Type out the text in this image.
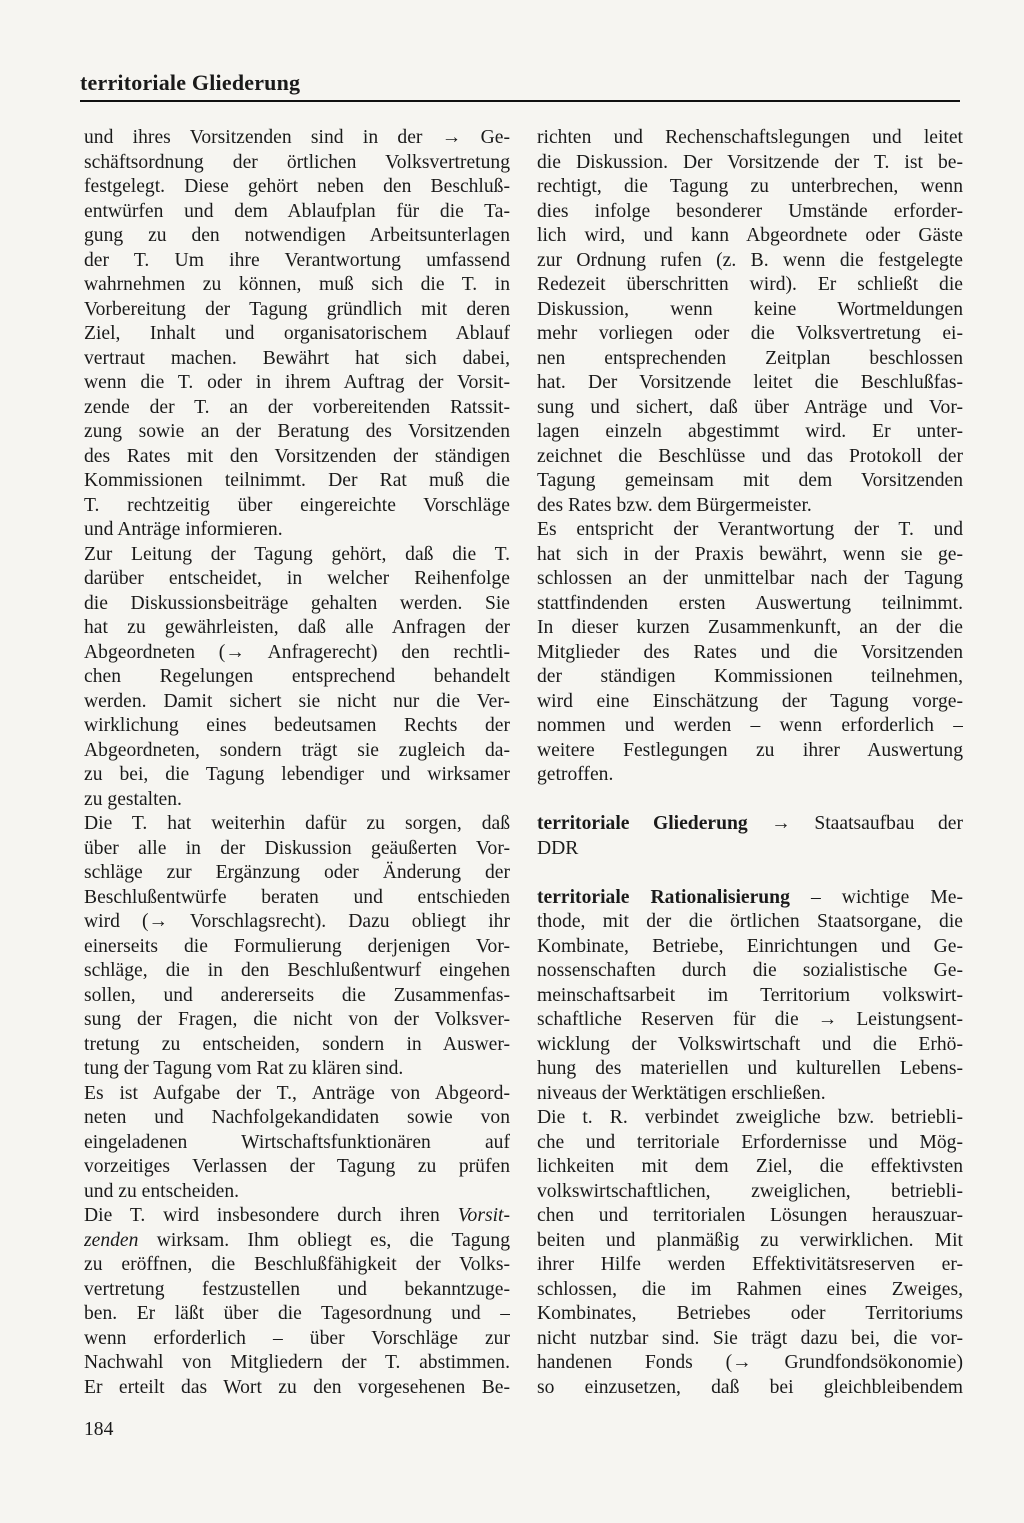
territoriale Gliederung
und ihres Vorsitzenden sind in der → Ge-
schäftsordnung der örtlichen Volksvertretung
festgelegt. Diese gehört neben den Beschluß-
entwürfen und dem Ablaufplan für die Ta-
gung zu den notwendigen Arbeitsunterlagen
der T. Um ihre Verantwortung umfassend
wahrnehmen zu können, muß sich die T. in
Vorbereitung der Tagung gründlich mit deren
Ziel, Inhalt und organisatorischem Ablauf
vertraut machen. Bewährt hat sich dabei,
wenn die T. oder in ihrem Auftrag der Vorsit-
zende der T. an der vorbereitenden Ratssit-
zung sowie an der Beratung des Vorsitzenden
des Rates mit den Vorsitzenden der ständigen
Kommissionen teilnimmt. Der Rat muß die
T. rechtzeitig über eingereichte Vorschläge
und Anträge informieren.
Zur Leitung der Tagung gehört, daß die T.
darüber entscheidet, in welcher Reihenfolge
die Diskussionsbeiträge gehalten werden. Sie
hat zu gewährleisten, daß alle Anfragen der
Abgeordneten (→ Anfragerecht) den rechtli-
chen Regelungen entsprechend behandelt
werden. Damit sichert sie nicht nur die Ver-
wirklichung eines bedeutsamen Rechts der
Abgeordneten, sondern trägt sie zugleich da-
zu bei, die Tagung lebendiger und wirksamer
zu gestalten.
Die T. hat weiterhin dafür zu sorgen, daß
über alle in der Diskussion geäußerten Vor-
schläge zur Ergänzung oder Änderung der
Beschlußentwürfe beraten und entschieden
wird (→ Vorschlagsrecht). Dazu obliegt ihr
einerseits die Formulierung derjenigen Vor-
schläge, die in den Beschlußentwurf eingehen
sollen, und andererseits die Zusammenfas-
sung der Fragen, die nicht von der Volksver-
tretung zu entscheiden, sondern in Auswer-
tung der Tagung vom Rat zu klären sind.
Es ist Aufgabe der T., Anträge von Abgeord-
neten und Nachfolgekandidaten sowie von
eingeladenen Wirtschaftsfunktionären auf
vorzeitiges Verlassen der Tagung zu prüfen
und zu entscheiden.
Die T. wird insbesondere durch ihren Vorsit-
zenden wirksam. Ihm obliegt es, die Tagung
zu eröffnen, die Beschlußfähigkeit der Volks-
vertretung festzustellen und bekanntzuge-
ben. Er läßt über die Tagesordnung und –
wenn erforderlich – über Vorschläge zur
Nachwahl von Mitgliedern der T. abstimmen.
Er erteilt das Wort zu den vorgesehenen Be-
richten und Rechenschaftslegungen und leitet
die Diskussion. Der Vorsitzende der T. ist be-
rechtigt, die Tagung zu unterbrechen, wenn
dies infolge besonderer Umstände erforder-
lich wird, und kann Abgeordnete oder Gäste
zur Ordnung rufen (z. B. wenn die festgelegte
Redezeit überschritten wird). Er schließt die
Diskussion, wenn keine Wortmeldungen
mehr vorliegen oder die Volksvertretung ei-
nen entsprechenden Zeitplan beschlossen
hat. Der Vorsitzende leitet die Beschlußfas-
sung und sichert, daß über Anträge und Vor-
lagen einzeln abgestimmt wird. Er unter-
zeichnet die Beschlüsse und das Protokoll der
Tagung gemeinsam mit dem Vorsitzenden
des Rates bzw. dem Bürgermeister.
Es entspricht der Verantwortung der T. und
hat sich in der Praxis bewährt, wenn sie ge-
schlossen an der unmittelbar nach der Tagung
stattfindenden ersten Auswertung teilnimmt.
In dieser kurzen Zusammenkunft, an der die
Mitglieder des Rates und die Vorsitzenden
der ständigen Kommissionen teilnehmen,
wird eine Einschätzung der Tagung vorge-
nommen und werden – wenn erforderlich –
weitere Festlegungen zu ihrer Auswertung
getroffen.
territoriale Gliederung → Staatsaufbau der
DDR
territoriale Rationalisierung – wichtige Me-
thode, mit der die örtlichen Staatsorgane, die
Kombinate, Betriebe, Einrichtungen und Ge-
nossenschaften durch die sozialistische Ge-
meinschaftsarbeit im Territorium volkswirt-
schaftliche Reserven für die → Leistungsent-
wicklung der Volkswirtschaft und die Erhö-
hung des materiellen und kulturellen Lebens-
niveaus der Werktätigen erschließen.
Die t. R. verbindet zweigliche bzw. betriebli-
che und territoriale Erfordernisse und Mög-
lichkeiten mit dem Ziel, die effektivsten
volkswirtschaftlichen, zweiglichen, betriebli-
chen und territorialen Lösungen herauszuar-
beiten und planmäßig zu verwirklichen. Mit
ihrer Hilfe werden Effektivitätsreserven er-
schlossen, die im Rahmen eines Zweiges,
Kombinates, Betriebes oder Territoriums
nicht nutzbar sind. Sie trägt dazu bei, die vor-
handenen Fonds (→ Grundfondsökonomie)
so einzusetzen, daß bei gleichbleibendem
184
